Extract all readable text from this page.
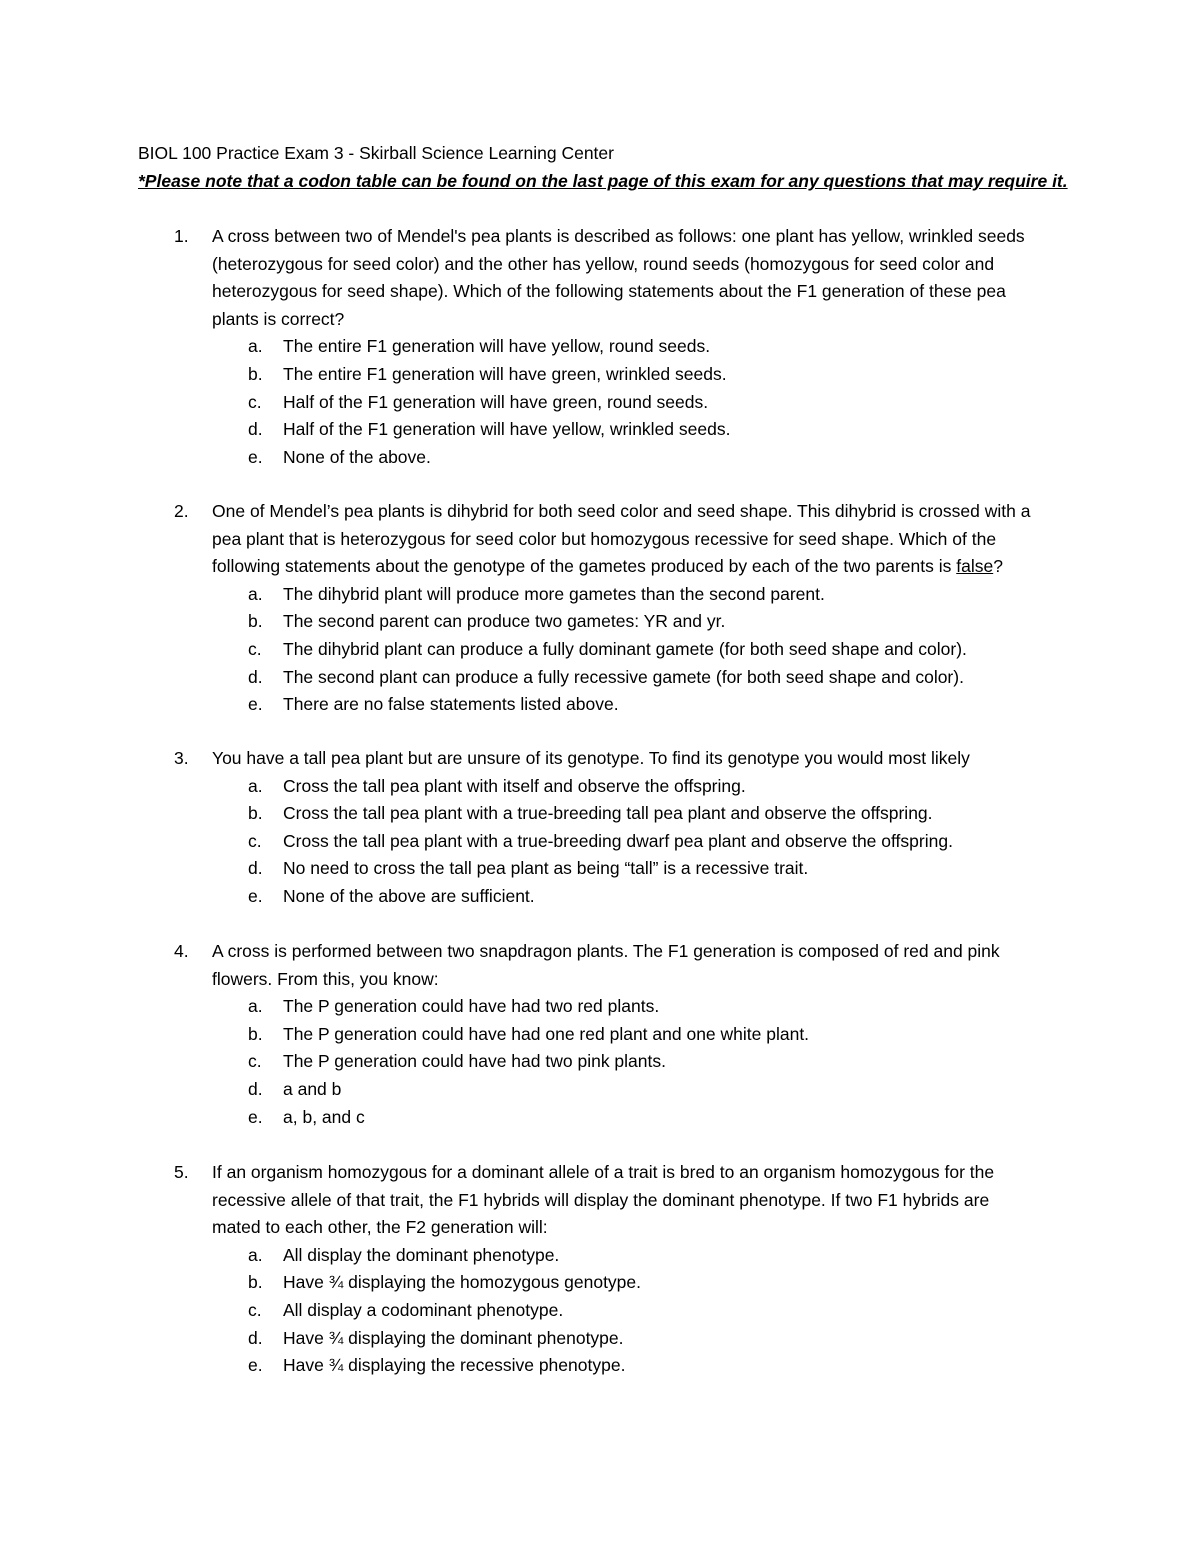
BIOL 100 Practice Exam 3 - Skirball Science Learning Center
*Please note that a codon table can be found on the last page of this exam for any questions that may require it.
1. A cross between two of Mendel's pea plants is described as follows: one plant has yellow, wrinkled seeds
(heterozygous for seed color) and the other has yellow, round seeds (homozygous for seed color and
heterozygous for seed shape). Which of the following statements about the F1 generation of these pea
plants is correct?
a. The entire F1 generation will have yellow, round seeds.
b. The entire F1 generation will have green, wrinkled seeds.
c. Half of the F1 generation will have green, round seeds.
d. Half of the F1 generation will have yellow, wrinkled seeds.
e. None of the above.
2. One of Mendel’s pea plants is dihybrid for both seed color and seed shape. This dihybrid is crossed with a
pea plant that is heterozygous for seed color but homozygous recessive for seed shape. Which of the
following statements about the genotype of the gametes produced by each of the two parents is false?
a. The dihybrid plant will produce more gametes than the second parent.
b. The second parent can produce two gametes: YR and yr.
c. The dihybrid plant can produce a fully dominant gamete (for both seed shape and color).
d. The second plant can produce a fully recessive gamete (for both seed shape and color).
e. There are no false statements listed above.
3. You have a tall pea plant but are unsure of its genotype. To find its genotype you would most likely
a. Cross the tall pea plant with itself and observe the offspring.
b. Cross the tall pea plant with a true-breeding tall pea plant and observe the offspring.
c. Cross the tall pea plant with a true-breeding dwarf pea plant and observe the offspring.
d. No need to cross the tall pea plant as being “tall” is a recessive trait.
e. None of the above are sufficient.
4. A cross is performed between two snapdragon plants. The F1 generation is composed of red and pink
flowers. From this, you know:
a. The P generation could have had two red plants.
b. The P generation could have had one red plant and one white plant.
c. The P generation could have had two pink plants.
d. a and b
e. a, b, and c
5. If an organism homozygous for a dominant allele of a trait is bred to an organism homozygous for the
recessive allele of that trait, the F1 hybrids will display the dominant phenotype. If two F1 hybrids are
mated to each other, the F2 generation will:
a. All display the dominant phenotype.
b. Have ¾ displaying the homozygous genotype.
c. All display a codominant phenotype.
d. Have ¾ displaying the dominant phenotype.
e. Have ¾ displaying the recessive phenotype.
